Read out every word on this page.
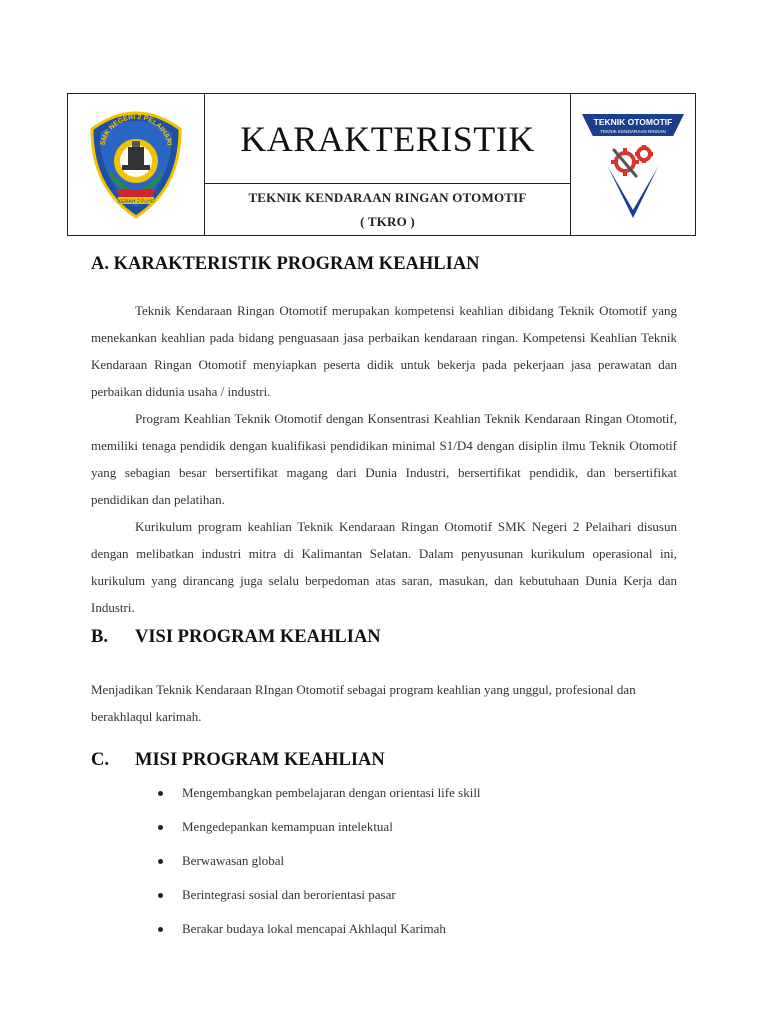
SMK NEGERI 2 PELAIHARI
KEMAH 2 PLHR
KARAKTERISTIK
TEKNIK KENDARAAN RINGAN OTOMOTIF
( TKRO )
TEKNIK OTOMOTIF
TEKNIK KENDARAAN RINGAN
A. KARAKTERISTIK PROGRAM KEAHLIAN

Teknik Kendaraan Ringan Otomotif merupakan kompetensi keahlian dibidang Teknik Otomotif yang menekankan keahlian pada bidang penguasaan jasa perbaikan kendaraan ringan. Kompetensi Keahlian Teknik Kendaraan Ringan Otomotif menyiapkan peserta didik untuk bekerja pada pekerjaan jasa perawatan dan perbaikan didunia usaha / industri.

Program Keahlian Teknik Otomotif dengan Konsentrasi Keahlian Teknik Kendaraan Ringan Otomotif, memiliki tenaga pendidik dengan kualifikasi pendidikan minimal S1/D4 dengan disiplin ilmu Teknik Otomotif yang sebagian besar bersertifikat magang dari Dunia Industri, bersertifikat pendidik, dan bersertifikat pendidikan dan pelatihan.

Kurikulum program keahlian Teknik Kendaraan Ringan Otomotif SMK Negeri 2 Pelaihari disusun dengan melibatkan industri mitra di Kalimantan Selatan. Dalam penyusunan kurikulum operasional ini, kurikulum yang dirancang juga selalu berpedoman atas saran, masukan, dan kebutuhaan Dunia Kerja dan Industri.

B. VISI PROGRAM KEAHLIAN

Menjadikan Teknik Kendaraan RIngan Otomotif sebagai program keahlian yang unggul, profesional dan berakhlaqul karimah.

C. MISI PROGRAM KEAHLIAN
Mengembangkan pembelajaran dengan orientasi life skill
Mengedepankan kemampuan intelektual
Berwawasan global
Berintegrasi sosial dan berorientasi pasar
Berakar budaya lokal mencapai Akhlaqul Karimah
